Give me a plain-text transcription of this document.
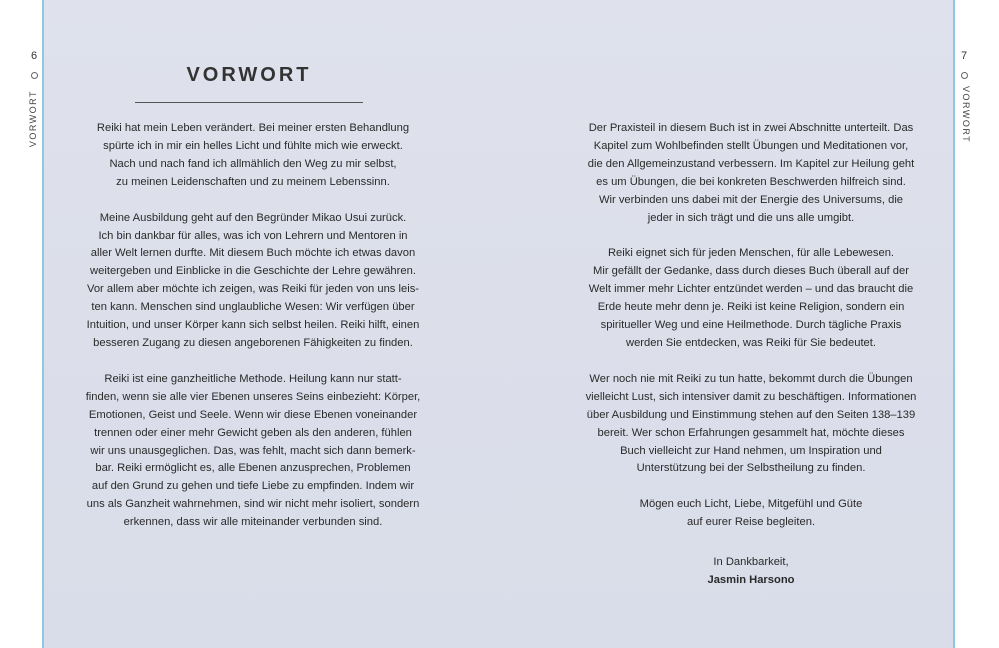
6
VORWORT
7
VORWORT
VORWORT

Reiki hat mein Leben verändert. Bei meiner ersten Behandlung
spürte ich in mir ein helles Licht und fühlte mich wie erweckt.
Nach und nach fand ich allmählich den Weg zu mir selbst,
zu meinen Leidenschaften und zu meinem Lebenssinn.

Meine Ausbildung geht auf den Begründer Mikao Usui zurück.
Ich bin dankbar für alles, was ich von Lehrern und Mentoren in
aller Welt lernen durfte. Mit diesem Buch möchte ich etwas davon
weitergeben und Einblicke in die Geschichte der Lehre gewähren.
Vor allem aber möchte ich zeigen, was Reiki für jeden von uns leis-
ten kann. Menschen sind unglaubliche Wesen: Wir verfügen über
Intuition, und unser Körper kann sich selbst heilen. Reiki hilft, einen
besseren Zugang zu diesen angeborenen Fähigkeiten zu finden.

Reiki ist eine ganzheitliche Methode. Heilung kann nur statt-
finden, wenn sie alle vier Ebenen unseres Seins einbezieht: Körper,
Emotionen, Geist und Seele. Wenn wir diese Ebenen voneinander
trennen oder einer mehr Gewicht geben als den anderen, fühlen
wir uns unausgeglichen. Das, was fehlt, macht sich dann bemerk-
bar. Reiki ermöglicht es, alle Ebenen anzusprechen, Problemen
auf den Grund zu gehen und tiefe Liebe zu empfinden. Indem wir
uns als Ganzheit wahrnehmen, sind wir nicht mehr isoliert, sondern
erkennen, dass wir alle miteinander verbunden sind.

Der Praxisteil in diesem Buch ist in zwei Abschnitte unterteilt. Das
Kapitel zum Wohlbefinden stellt Übungen und Meditationen vor,
die den Allgemeinzustand verbessern. Im Kapitel zur Heilung geht
es um Übungen, die bei konkreten Beschwerden hilfreich sind.
Wir verbinden uns dabei mit der Energie des Universums, die
jeder in sich trägt und die uns alle umgibt.

Reiki eignet sich für jeden Menschen, für alle Lebewesen.
Mir gefällt der Gedanke, dass durch dieses Buch überall auf der
Welt immer mehr Lichter entzündet werden – und das braucht die
Erde heute mehr denn je. Reiki ist keine Religion, sondern ein
spiritueller Weg und eine Heilmethode. Durch tägliche Praxis
werden Sie entdecken, was Reiki für Sie bedeutet.

Wer noch nie mit Reiki zu tun hatte, bekommt durch die Übungen
vielleicht Lust, sich intensiver damit zu beschäftigen. Informationen
über Ausbildung und Einstimmung stehen auf den Seiten 138–139
bereit. Wer schon Erfahrungen gesammelt hat, möchte dieses
Buch vielleicht zur Hand nehmen, um Inspiration und
Unterstützung bei der Selbstheilung zu finden.

Mögen euch Licht, Liebe, Mitgefühl und Güte
auf eurer Reise begleiten.

In Dankbarkeit,

Jasmin Harsono
